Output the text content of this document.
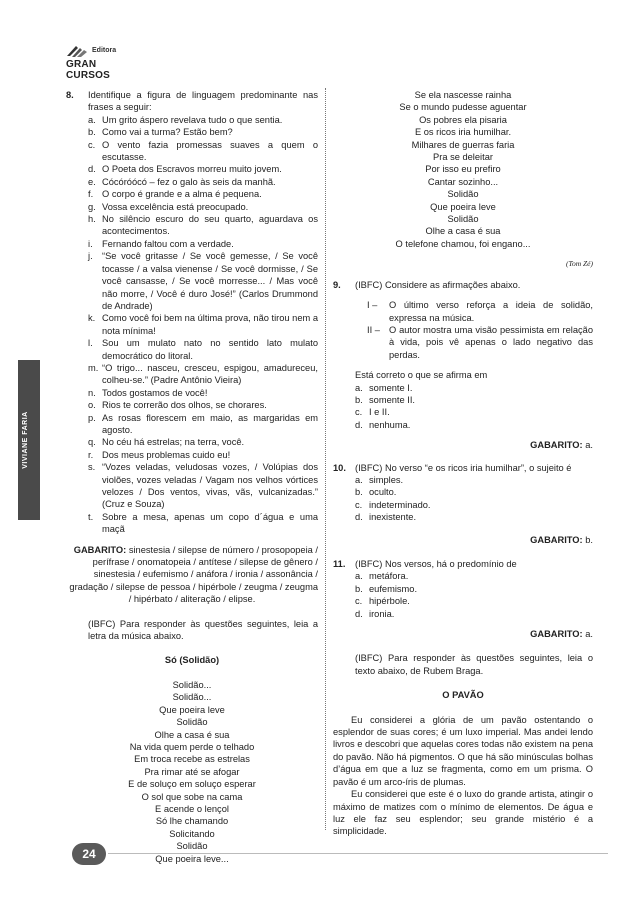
Editora
GRAN CURSOS
VIVIANE FARIA
8. Identifique a figura de linguagem predominante nas frases a seguir:
a. Um grito áspero revelava tudo o que sentia.
b. Como vai a turma? Estão bem?
c. O vento fazia promessas suaves a quem o escutasse.
d. O Poeta dos Escravos morreu muito jovem.
e. Cócóróócó – fez o galo às seis da manhã.
f. O corpo é grande e a alma é pequena.
g. Vossa excelência está preocupado.
h. No silêncio escuro do seu quarto, aguardava os acontecimentos.
i. Fernando faltou com a verdade.
j. “Se você gritasse / Se você gemesse, / Se você tocasse / a valsa vienense / Se você dormisse, / Se você cansasse, / Se você morresse... / Mas você não morre, / Você é duro José!” (Carlos Drummond de Andrade)
k. Como você foi bem na última prova, não tirou nem a nota mínima!
l. Sou um mulato nato no sentido lato mulato democrático do litoral.
m. “O trigo... nasceu, cresceu, espigou, amadureceu, colheu-se.” (Padre Antônio Vieira)
n. Todos gostamos de você!
o. Rios te correrão dos olhos, se chorares.
p. As rosas florescem em maio, as margaridas em agosto.
q. No céu há estrelas; na terra, você.
r. Dos meus problemas cuido eu!
s. “Vozes veladas, veludosas vozes, / Volúpias dos violões, vozes veladas / Vagam nos velhos vórtices velozes / Dos ventos, vivas, vãs, vulcanizadas.” (Cruz e Souza)
t. Sobre a mesa, apenas um copo d´água e uma maçã
GABARITO: sinestesia / silepse de número / prosopopeia / perífrase / onomatopeia / antítese / silepse de gênero / sinestesia / eufemismo / anáfora / ironia / assonância / gradação / silepse de pessoa / hipérbole / zeugma / zeugma / hipérbato / aliteração / elipse.
(IBFC) Para responder às questões seguintes, leia a letra da música abaixo.
Só (Solidão)
Solidão...
Solidão...
Que poeira leve
Solidão
Olhe a casa é sua
Na vida quem perde o telhado
Em troca recebe as estrelas
Pra rimar até se afogar
E de soluço em soluço esperar
O sol que sobe na cama
E acende o lençol
Só lhe chamando
Solicitando
Solidão
Que poeira leve...
Se ela nascesse rainha
Se o mundo pudesse aguentar
Os pobres ela pisaria
E os ricos iria humilhar.
Milhares de guerras faria
Pra se deleitar
Por isso eu prefiro
Cantar sozinho...
Solidão
Que poeira leve
Solidão
Olhe a casa é sua
O telefone chamou, foi engano...
(Tom Zé)
9. (IBFC) Considere as afirmações abaixo.
I – O último verso reforça a ideia de solidão, expressa na música.
II – O autor mostra uma visão pessimista em relação à vida, pois vê apenas o lado negativo das perdas.
Está correto o que se afirma em
a. somente I.
b. somente II.
c. I e II.
d. nenhuma.
GABARITO: a.
10. (IBFC) No verso “e os ricos iria humilhar”, o sujeito é
a. simples.
b. oculto.
c. indeterminado.
d. inexistente.
GABARITO: b.
11. (IBFC) Nos versos, há o predomínio de
a. metáfora.
b. eufemismo.
c. hipérbole.
d. ironia.
GABARITO: a.
(IBFC) Para responder às questões seguintes, leia o texto abaixo, de Rubem Braga.
O PAVÃO

Eu considerei a glória de um pavão ostentando o esplendor de suas cores; é um luxo imperial. Mas andei lendo livros e descobri que aquelas cores todas não existem na pena do pavão. Não há pigmentos. O que há são minúsculas bolhas d’água em que a luz se fragmenta, como em um prisma. O pavão é um arco-íris de plumas.

Eu considerei que este é o luxo do grande artista, atingir o máximo de matizes com o mínimo de elementos. De água e luz ele faz seu esplendor; seu grande mistério é a simplicidade.

24
